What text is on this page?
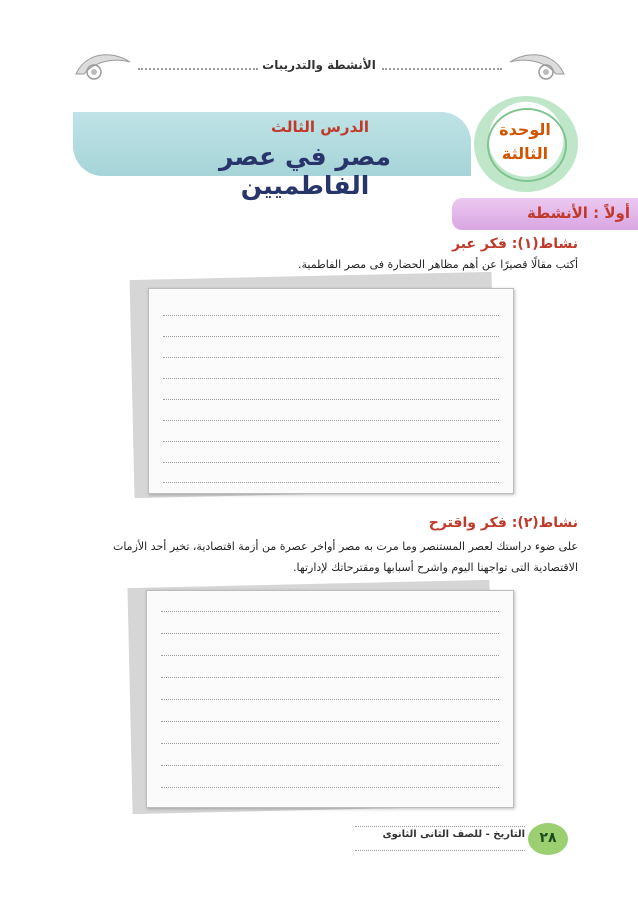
الأنشطة والتدريبات
الدرس الثالث
مصر في عصر الفاطميين
الوحدة
الثالثة
أولاً : الأنشطة
نشاط(١): فكر عبر
أكتب مقالًا قصيرًا عن أهم مظاهر الحضارة فى مصر الفاطمية.
نشاط(٢): فكر واقترح
على ضوء دراستك لعصر المستنصر وما مرت به مصر أواخر عصرة من أزمة اقتصادية، تخير أحد الأزمات
الاقتصادية التى تواجهنا اليوم واشرح أسبابها ومقترحاتك لإدارتها.
التاريخ - للصف الثانى الثانوى	٢٨
